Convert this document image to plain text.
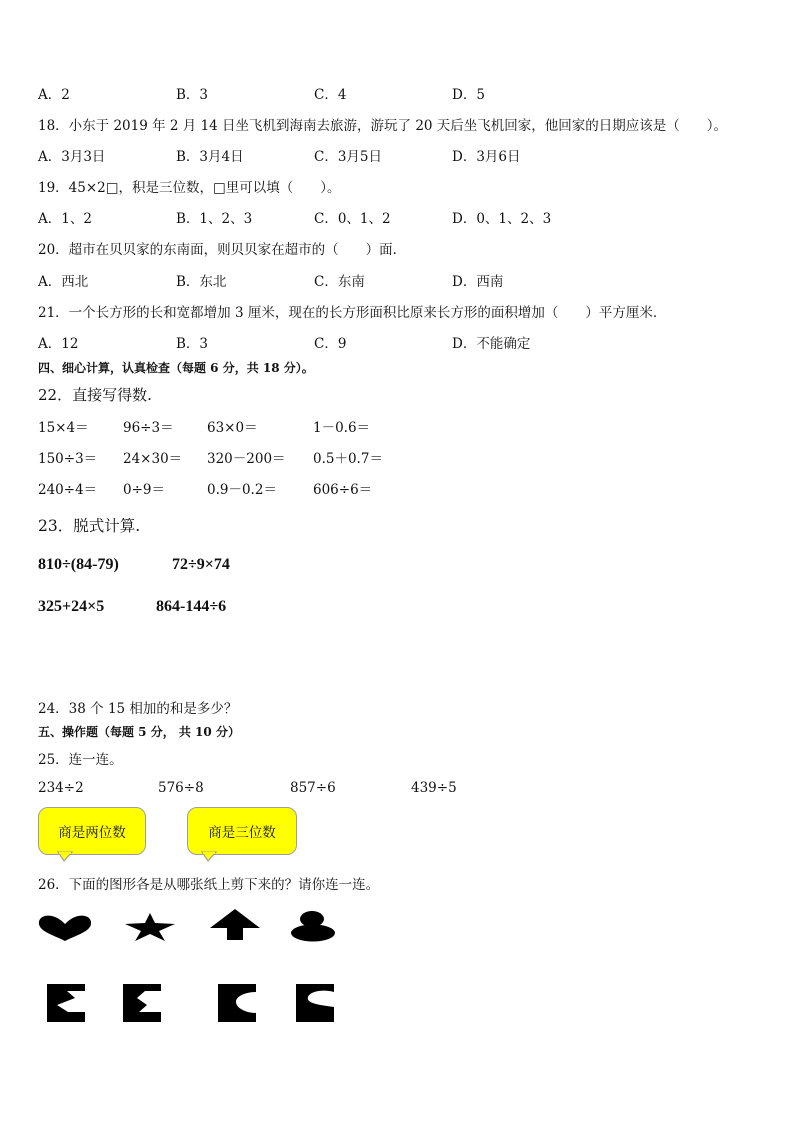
A．2	B．3	C．4	D．5
18．小东于 2019 年 2 月 14 日坐飞机到海南去旅游，游玩了 20 天后坐飞机回家，他回家的日期应该是（　　）。
A．3月3日	B．3月4日	C．3月5日	D．3月6日
19．45×2□，积是三位数，□里可以填（　　）。
A．1、2	B．1、2、3	C．0、1、2	D．0、1、2、3
20．超市在贝贝家的东南面，则贝贝家在超市的（　　）面．
A．西北	B．东北	C．东南	D．西南
21．一个长方形的长和宽都增加 3 厘米，现在的长方形面积比原来长方形的面积增加（　　）平方厘米．
A．12	B．3	C．9	D．不能确定
四、细心计算，认真检查（每题 6 分，共 18 分）。
22．直接写得数.
15×4＝	96÷3＝ 63×0＝	1－0.6＝
150÷3＝ 24×30＝ 320－200＝ 0.5＋0.7＝
240÷4＝ 0÷9＝	0.9－0.2＝	606÷6＝
23．脱式计算.
810÷(84-79)	72÷9×74
325+24×5	864-144÷6
24．38 个 15 相加的和是多少？
五、操作题（每题 5 分， 共 10 分）
25．连一连。
234÷2	576÷8	857÷6	439÷5
商是两位数	商是三位数
26．下面的图形各是从哪张纸上剪下来的？请你连一连。
